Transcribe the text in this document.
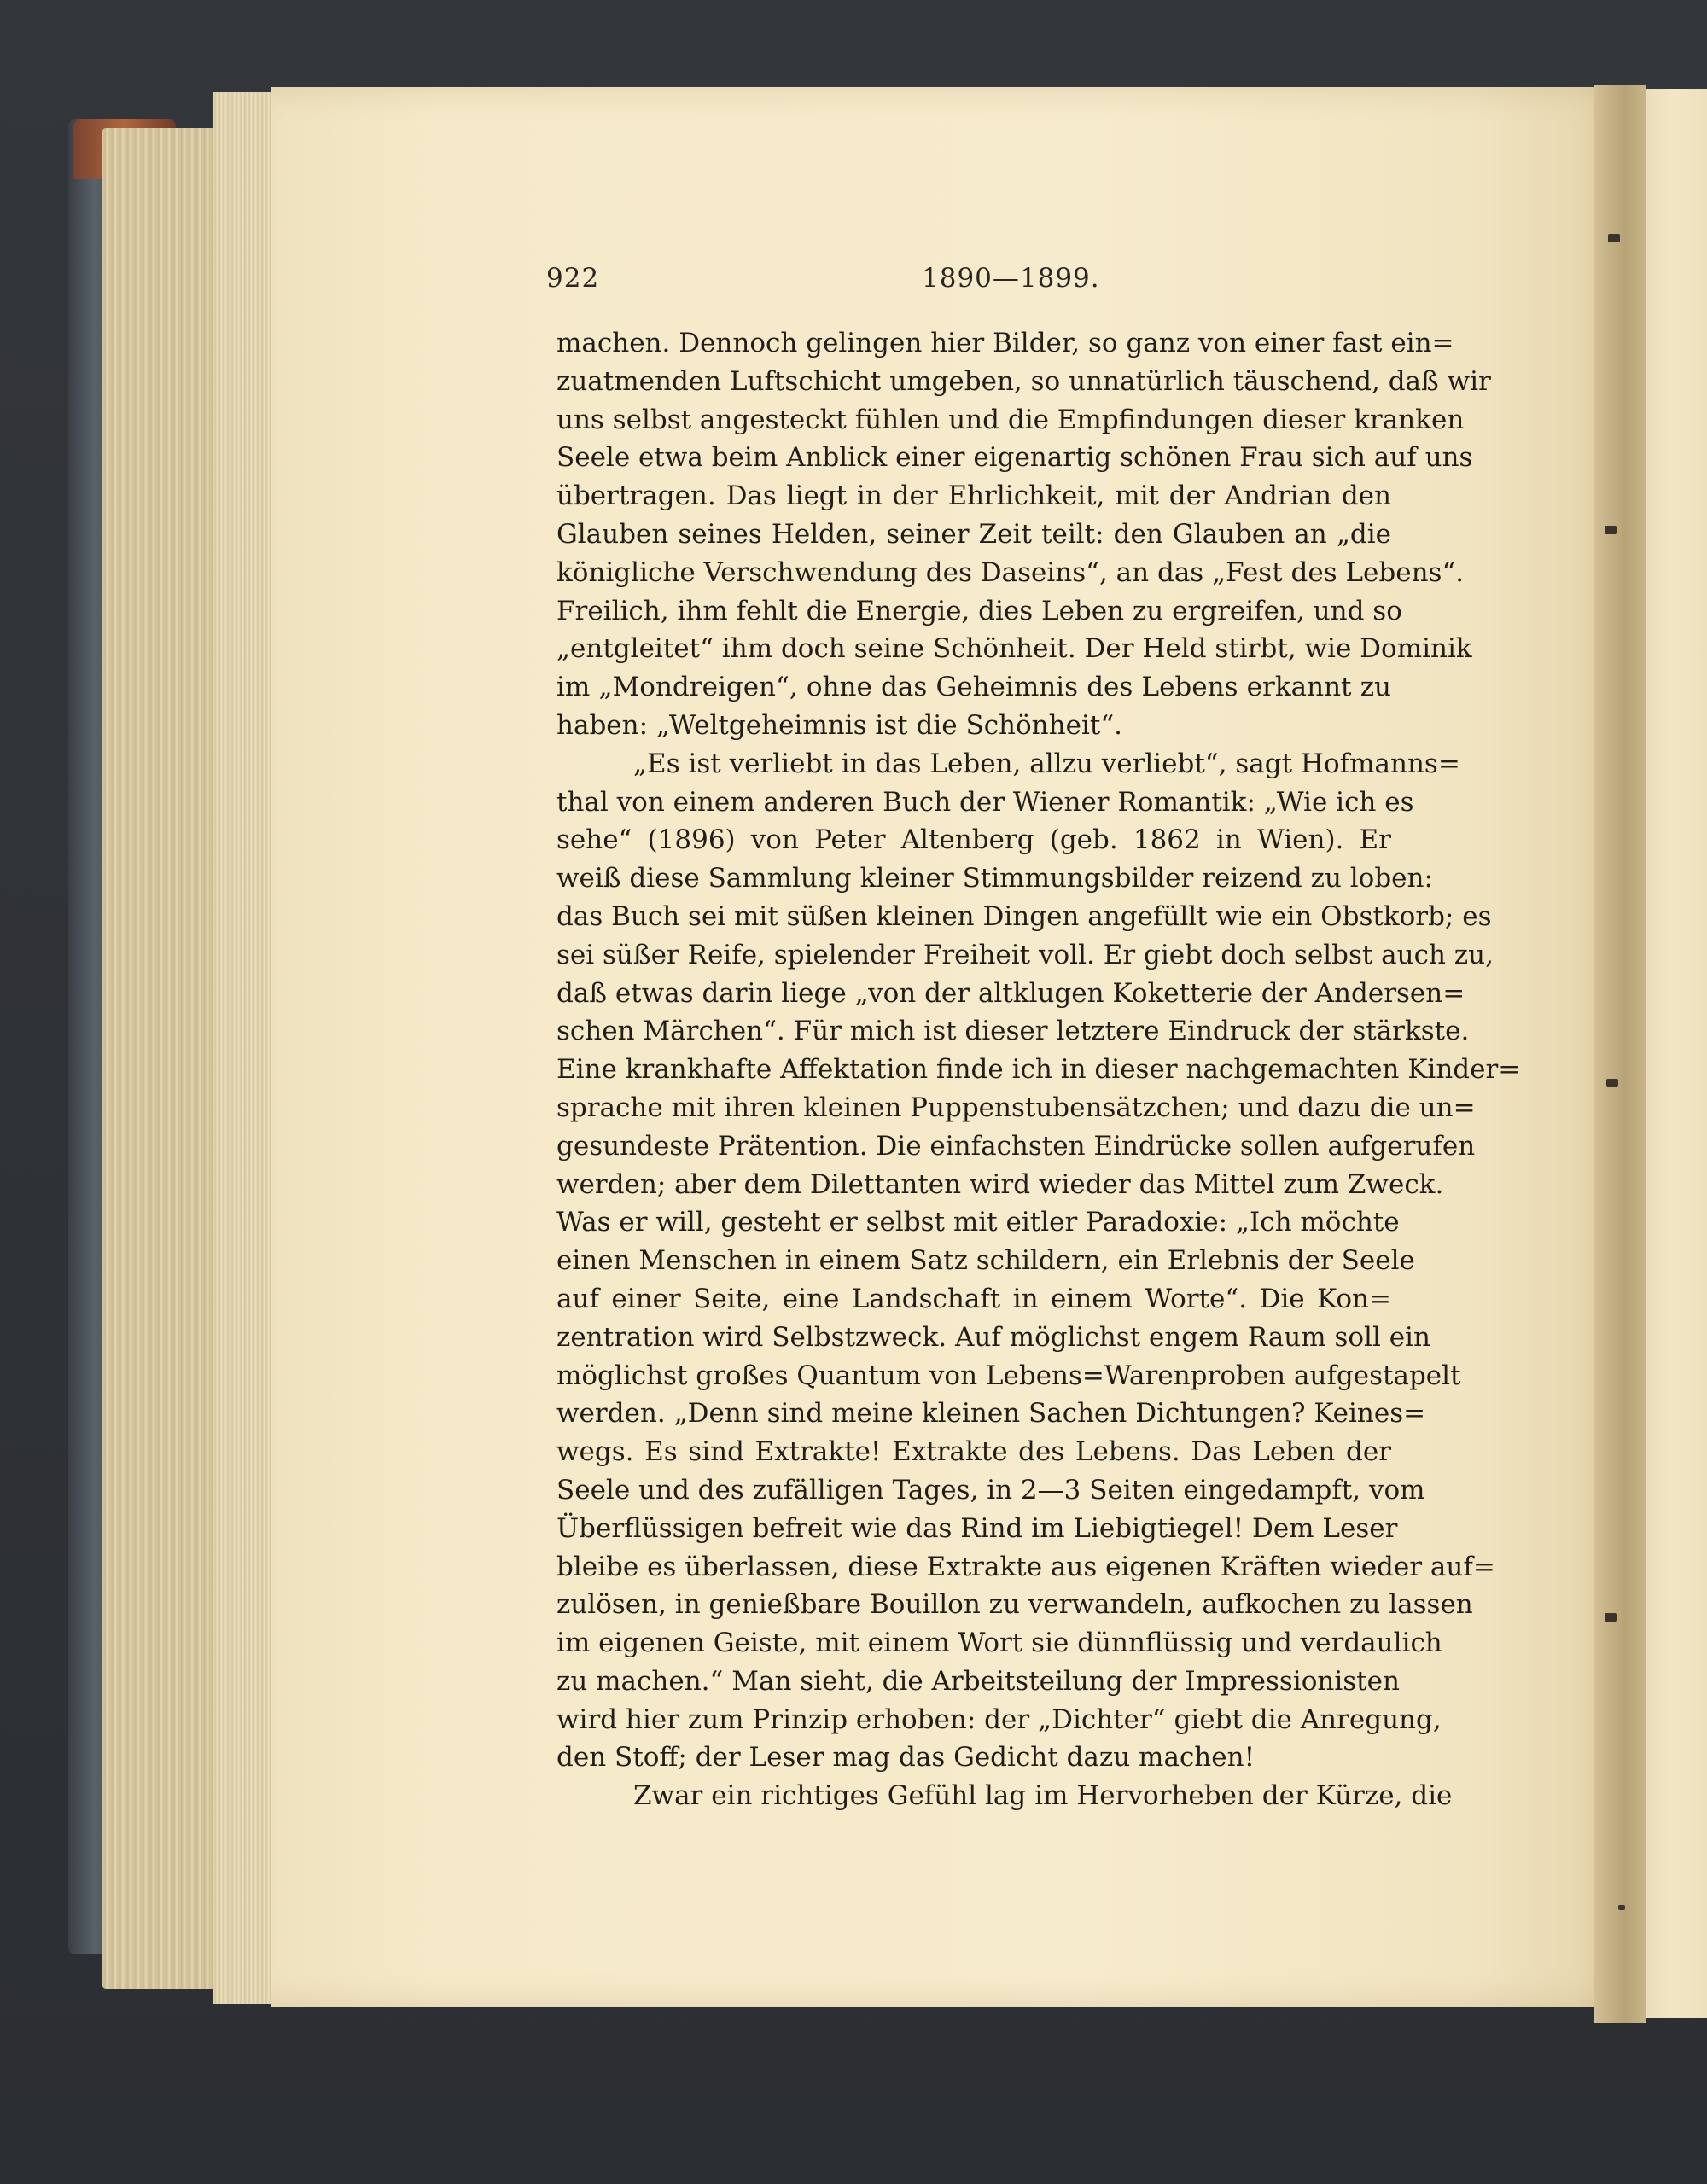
922	1890—1899.
machen. Dennoch gelingen hier Bilder, so ganz von einer fast ein=
zuatmenden Luftschicht umgeben, so unnatürlich täuschend, daß wir
uns selbst angesteckt fühlen und die Empfindungen dieser kranken
Seele etwa beim Anblick einer eigenartig schönen Frau sich auf uns
übertragen. Das liegt in der Ehrlichkeit, mit der Andrian den
Glauben seines Helden, seiner Zeit teilt: den Glauben an „die
königliche Verschwendung des Daseins“, an das „Fest des Lebens“.
Freilich, ihm fehlt die Energie, dies Leben zu ergreifen, und so
„entgleitet“ ihm doch seine Schönheit. Der Held stirbt, wie Dominik
im „Mondreigen“, ohne das Geheimnis des Lebens erkannt zu
haben: „Weltgeheimnis ist die Schönheit“.
„Es ist verliebt in das Leben, allzu verliebt“, sagt Hofmanns=
thal von einem anderen Buch der Wiener Romantik: „Wie ich es
sehe“ (1896) von Peter Altenberg (geb. 1862 in Wien). Er
weiß diese Sammlung kleiner Stimmungsbilder reizend zu loben:
das Buch sei mit süßen kleinen Dingen angefüllt wie ein Obstkorb; es
sei süßer Reife, spielender Freiheit voll. Er giebt doch selbst auch zu,
daß etwas darin liege „von der altklugen Koketterie der Andersen=
schen Märchen“. Für mich ist dieser letztere Eindruck der stärkste.
Eine krankhafte Affektation finde ich in dieser nachgemachten Kinder=
sprache mit ihren kleinen Puppenstubensätzchen; und dazu die un=
gesundeste Prätention. Die einfachsten Eindrücke sollen aufgerufen
werden; aber dem Dilettanten wird wieder das Mittel zum Zweck.
Was er will, gesteht er selbst mit eitler Paradoxie: „Ich möchte
einen Menschen in einem Satz schildern, ein Erlebnis der Seele
auf einer Seite, eine Landschaft in einem Worte“. Die Kon=
zentration wird Selbstzweck. Auf möglichst engem Raum soll ein
möglichst großes Quantum von Lebens=Warenproben aufgestapelt
werden. „Denn sind meine kleinen Sachen Dichtungen? Keines=
wegs. Es sind Extrakte! Extrakte des Lebens. Das Leben der
Seele und des zufälligen Tages, in 2—3 Seiten eingedampft, vom
Überflüssigen befreit wie das Rind im Liebigtiegel! Dem Leser
bleibe es überlassen, diese Extrakte aus eigenen Kräften wieder auf=
zulösen, in genießbare Bouillon zu verwandeln, aufkochen zu lassen
im eigenen Geiste, mit einem Wort sie dünnflüssig und verdaulich
zu machen.“ Man sieht, die Arbeitsteilung der Impressionisten
wird hier zum Prinzip erhoben: der „Dichter“ giebt die Anregung,
den Stoff; der Leser mag das Gedicht dazu machen!
Zwar ein richtiges Gefühl lag im Hervorheben der Kürze, die
